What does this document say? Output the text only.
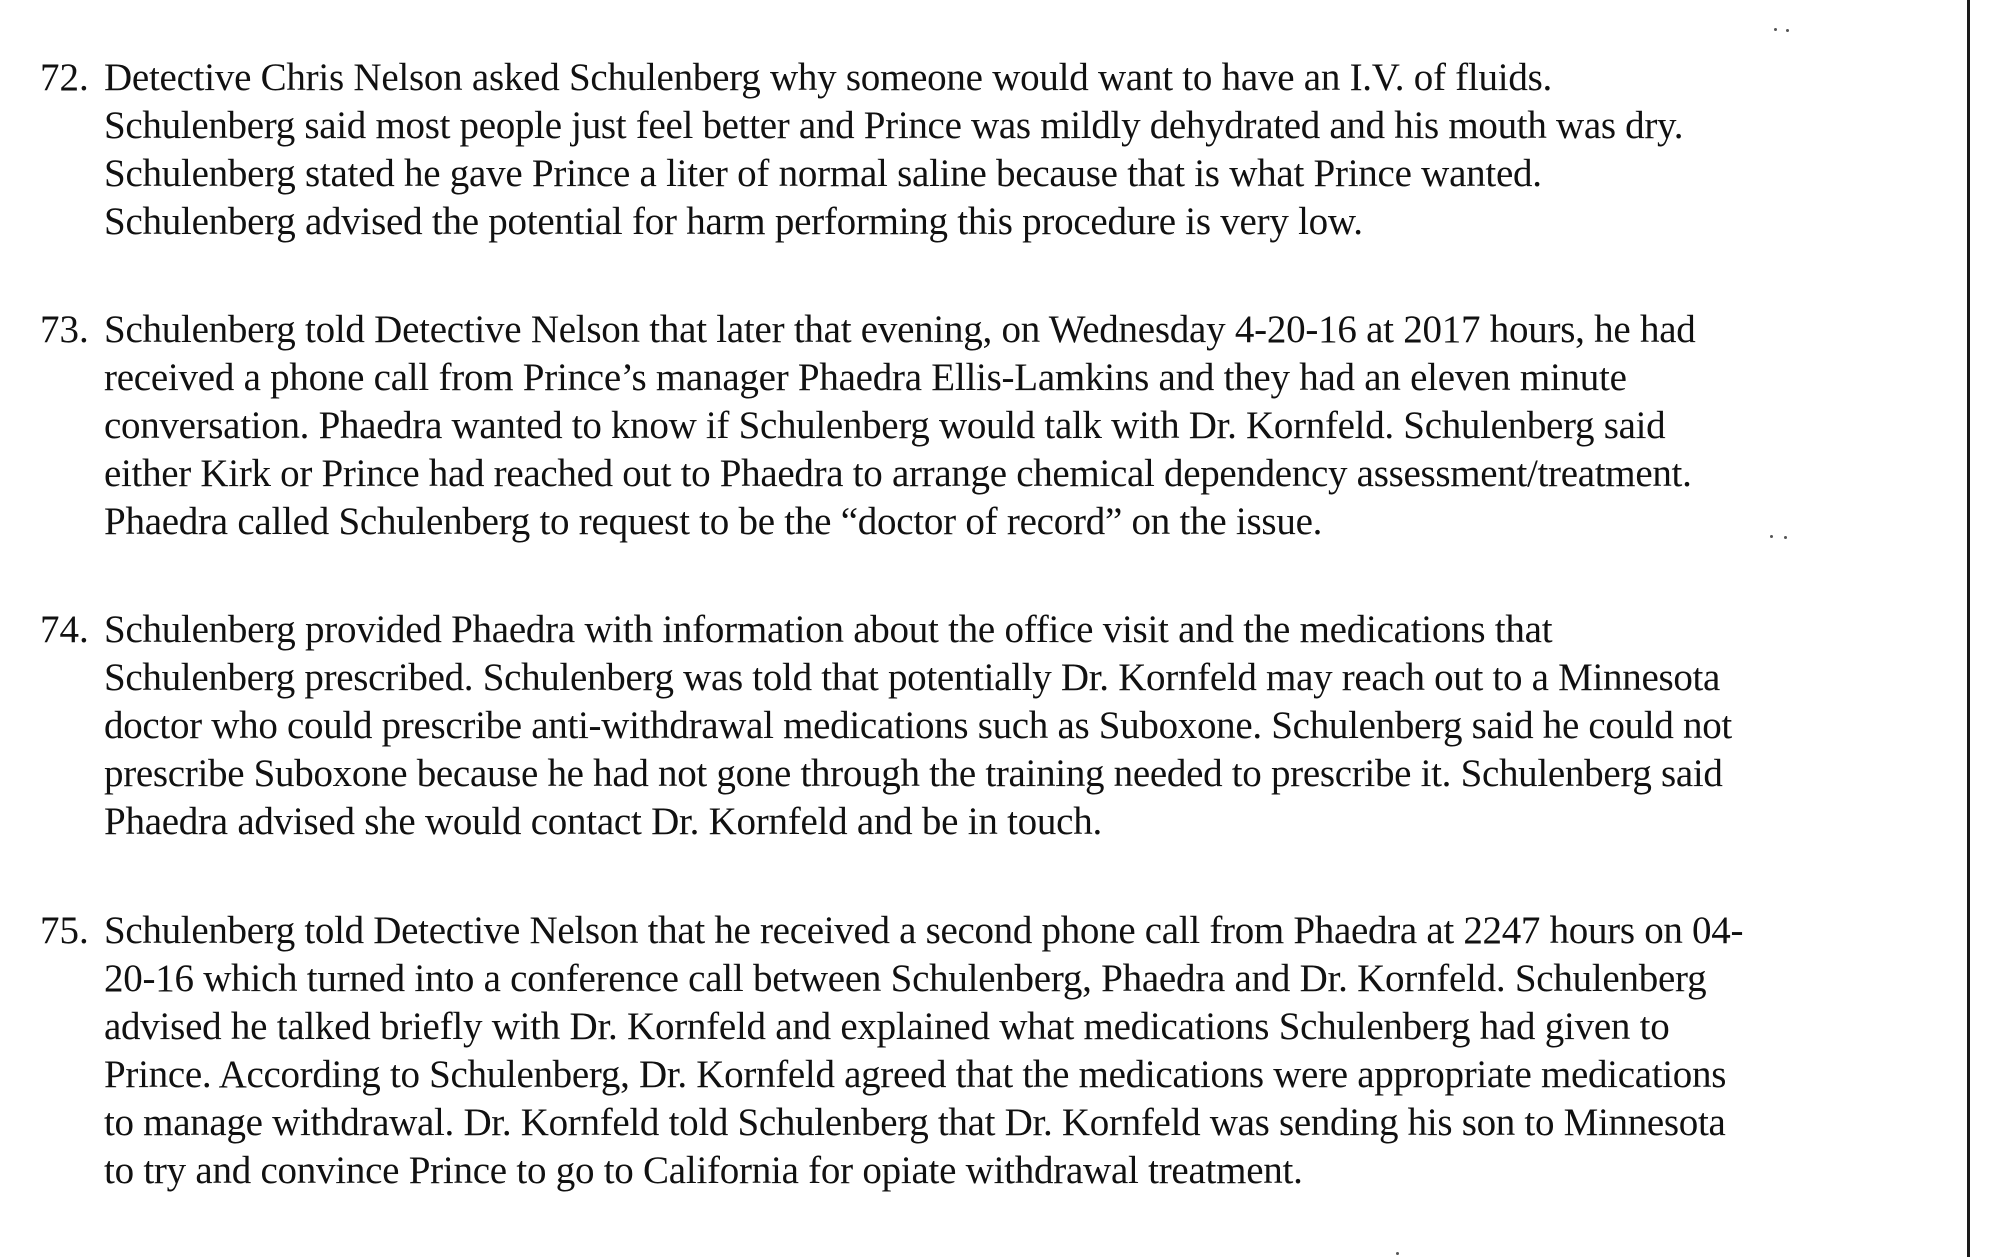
72. Detective Chris Nelson asked Schulenberg why someone would want to have an I.V. of fluids.
Schulenberg said most people just feel better and Prince was mildly dehydrated and his mouth was dry.
Schulenberg stated he gave Prince a liter of normal saline because that is what Prince wanted.
Schulenberg advised the potential for harm performing this procedure is very low.
73. Schulenberg told Detective Nelson that later that evening, on Wednesday 4-20-16 at 2017 hours, he had
received a phone call from Prince’s manager Phaedra Ellis-Lamkins and they had an eleven minute
conversation. Phaedra wanted to know if Schulenberg would talk with Dr. Kornfeld. Schulenberg said
either Kirk or Prince had reached out to Phaedra to arrange chemical dependency assessment/treatment.
Phaedra called Schulenberg to request to be the “doctor of record” on the issue.
74. Schulenberg provided Phaedra with information about the office visit and the medications that
Schulenberg prescribed. Schulenberg was told that potentially Dr. Kornfeld may reach out to a Minnesota
doctor who could prescribe anti-withdrawal medications such as Suboxone. Schulenberg said he could not
prescribe Suboxone because he had not gone through the training needed to prescribe it. Schulenberg said
Phaedra advised she would contact Dr. Kornfeld and be in touch.
75. Schulenberg told Detective Nelson that he received a second phone call from Phaedra at 2247 hours on 04-
20-16 which turned into a conference call between Schulenberg, Phaedra and Dr. Kornfeld. Schulenberg
advised he talked briefly with Dr. Kornfeld and explained what medications Schulenberg had given to
Prince. According to Schulenberg, Dr. Kornfeld agreed that the medications were appropriate medications
to manage withdrawal. Dr. Kornfeld told Schulenberg that Dr. Kornfeld was sending his son to Minnesota
to try and convince Prince to go to California for opiate withdrawal treatment.
